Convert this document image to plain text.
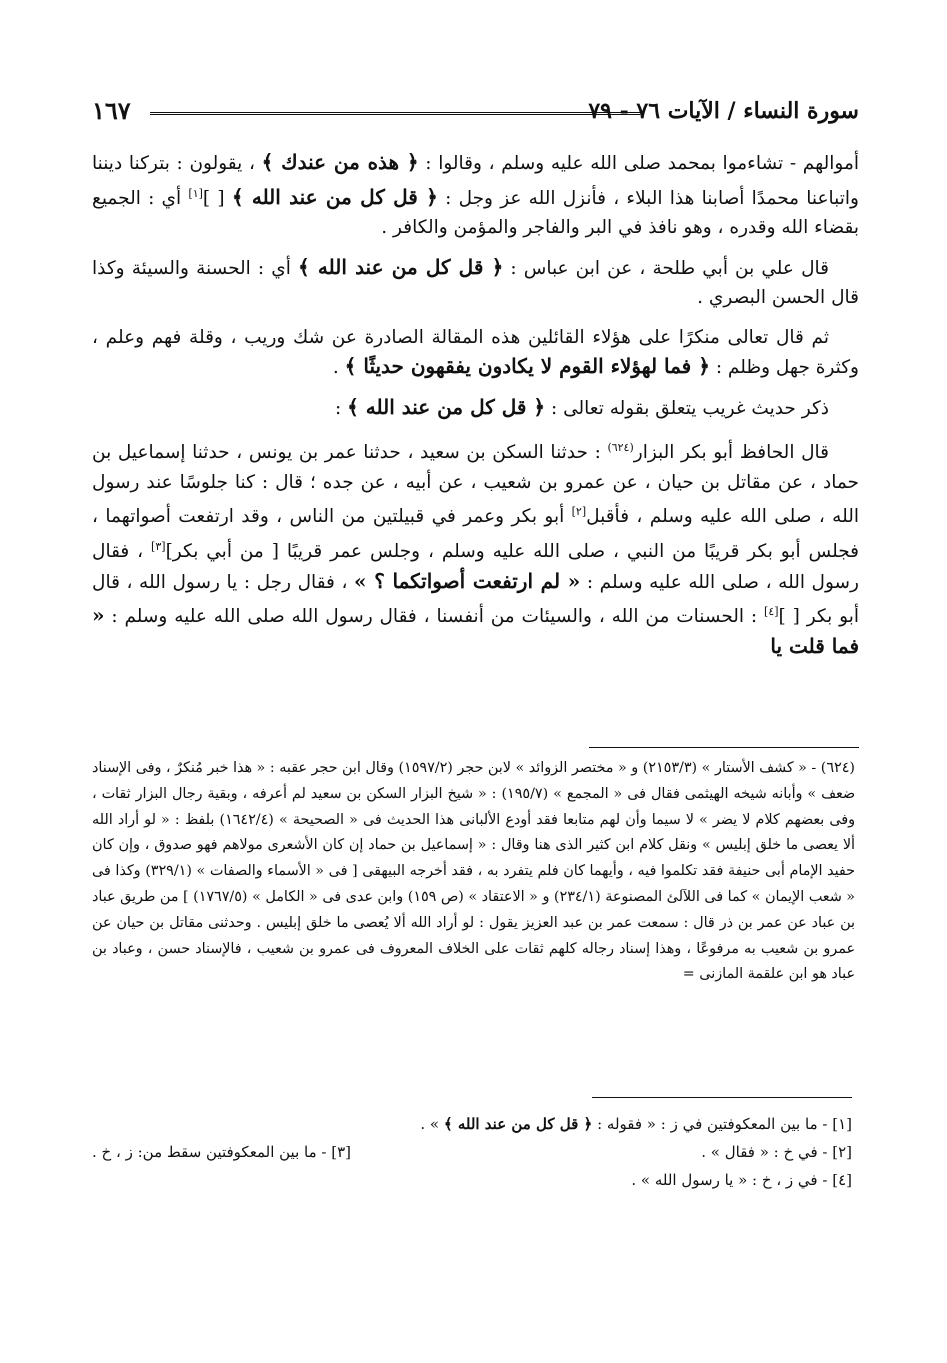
١٦٧	سورة النساء / الآيات ٧٦ - ٧٩

أموالهم - تشاءموا بمحمد صلى الله عليه وسلم ، وقالوا : ﴿ هذه من عندك ﴾ ، يقولون : بتركنا ديننا واتباعنا محمدًا أصابنا هذا البلاء ، فأنزل الله عز وجل : ﴿ قل كل من عند الله ﴾ [ ][١] أي : الجميع بقضاء الله وقدره ، وهو نافذ في البر والفاجر والمؤمن والكافر .

قال علي بن أبي طلحة ، عن ابن عباس : ﴿ قل كل من عند الله ﴾ أي : الحسنة والسيئة وكذا قال الحسن البصري .

ثم قال تعالى منكرًا على هؤلاء القائلين هذه المقالة الصادرة عن شك وريب ، وقلة فهم وعلم ، وكثرة جهل وظلم : ﴿ فما لهؤلاء القوم لا يكادون يفقهون حديثًا ﴾ .

ذكر حديث غريب يتعلق بقوله تعالى : ﴿ قل كل من عند الله ﴾ :

قال الحافظ أبو بكر البزار$^{(٦٢٤)}$ : حدثنا السكن بن سعيد ، حدثنا عمر بن يونس ، حدثنا إسماعيل بن حماد ، عن مقاتل بن حيان ، عن عمرو بن شعيب ، عن أبيه ، عن جده ؛ قال : كنا جلوسًا عند رسول الله ، صلى الله عليه وسلم ، فأقبل[٢] أبو بكر وعمر في قبيلتين من الناس ، وقد ارتفعت أصواتهما ، فجلس أبو بكر قريبًا من النبي ، صلى الله عليه وسلم ، وجلس عمر قريبًا [ من أبي بكر][٣] ، فقال رسول الله ، صلى الله عليه وسلم : « لم ارتفعت أصواتكما ؟ » ، فقال رجل : يا رسول الله ، قال أبو بكر [ ][٤] : الحسنات من الله ، والسيئات من أنفسنا ، فقال رسول الله صلى الله عليه وسلم : « فما قلت يا

(٦٢٤) - « كشف الأستار » (٢١٥٣/٣) و « مختصر الزوائد » لابن حجر (١٥٩٧/٢) وقال ابن حجر عقبه : « هذا خبر مُنكرٌ ، وفى الإسناد ضعف » وأبانه شيخه الهيثمى فقال فى « المجمع » (١٩٥/٧) : « شيخ البزار السكن بن سعيد لم أعرفه ، وبقية رجال البزار ثقات ، وفى بعضهم كلام لا يضر » لا سيما وأن لهم متابعا فقد أودع الألبانى هذا الحديث فى « الصحيحة » (١٦٤٢/٤) بلفظ : « لو أراد الله ألا يعصى ما خلق إبليس » ونقل كلام ابن كثير الذى هنا وقال : « إسماعيل بن حماد إن كان الأشعرى مولاهم فهو صدوق ، وإن كان حفيد الإمام أبى حنيفة فقد تكلموا فيه ، وأيهما كان فلم يتفرد به ، فقد أخرجه البيهقى [ فى « الأسماء والصفات » (٣٢٩/١) وكذا فى « شعب الإيمان » كما فى اللآلئ المصنوعة (٢٣٤/١) و « الاعتقاد » (ص ١٥٩) وابن عدى فى « الكامل » (١٧٦٧/٥) ] من طريق عباد بن عباد عن عمر بن ذر قال : سمعت عمر بن عبد العزيز يقول : لو أراد الله ألا يُعصى ما خلق إبليس . وحدثنى مقاتل بن حيان عن عمرو بن شعيب به مرفوعًا ، وهذا إسناد رجاله كلهم ثقات على الخلاف المعروف فى عمرو بن شعيب ، فالإسناد حسن ، وعباد بن عباد هو ابن علقمة المازنى =

[١] - ما بين المعكوفتين في ز : « فقوله : ﴿ قل كل من عند الله ﴾ » .
[٢] - في خ : « فقال » .
[٣] - ما بين المعكوفتين سقط من: ز ، خ .
[٤] - في ز ، خ : « يا رسول الله » .
